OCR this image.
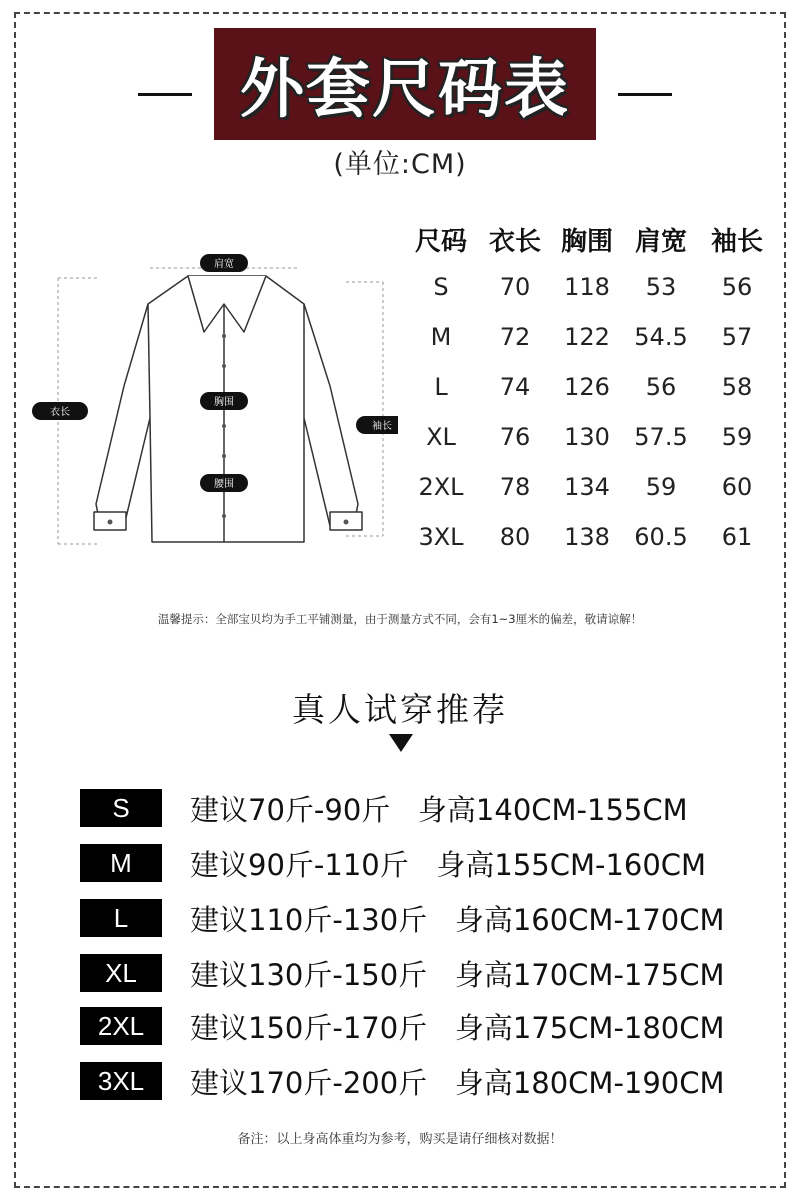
外套尺码表
(单位:CM)
肩宽
衣长
胸围
腰围
袖长
尺码 衣长 胸围 肩宽 袖长
S	70	118	53	56
M	72	122	54.5	57
L	74	126	56	58
XL	76	130	57.5	59
2XL	78	134	59	60
3XL	80	138	60.5	61
温馨提示：全部宝贝均为手工平铺测量，由于测量方式不同，会有1~3厘米的偏差，敬请谅解！
真人试穿推荐
S	建议70斤-90斤   身高140CM-155CM
M	建议90斤-110斤   身高155CM-160CM
L	建议110斤-130斤   身高160CM-170CM
XL	建议130斤-150斤   身高170CM-175CM
2XL	建议150斤-170斤   身高175CM-180CM
3XL	建议170斤-200斤   身高180CM-190CM
备注：以上身高体重均为参考，购买是请仔细核对数据！
